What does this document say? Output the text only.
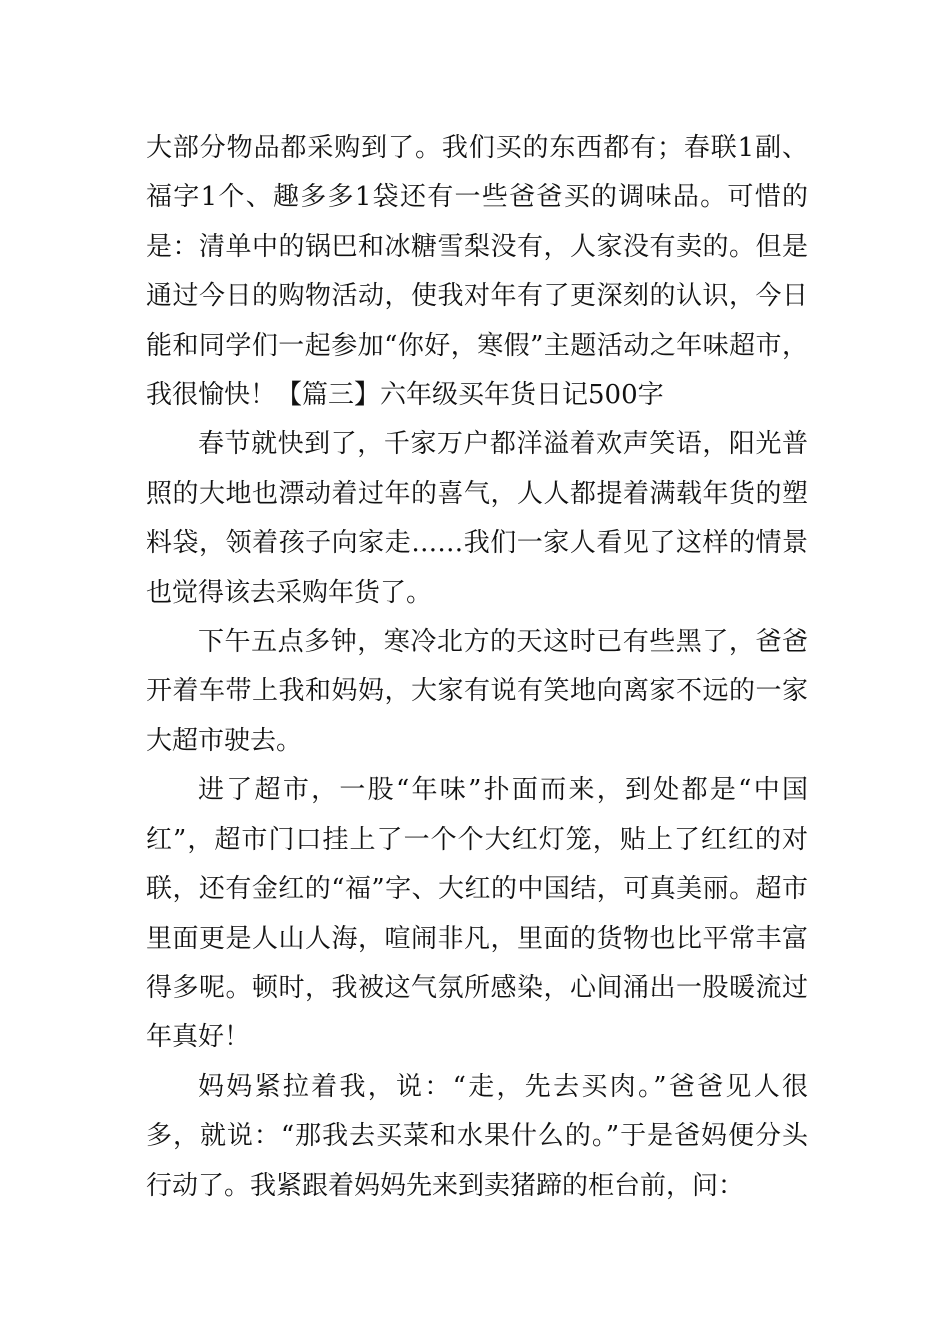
大部分物品都采购到了。我们买的东西都有；春联1副、福字1个、趣多多1袋还有一些爸爸买的调味品。可惜的是：清单中的锅巴和冰糖雪梨没有，人家没有卖的。但是通过今日的购物活动，使我对年有了更深刻的认识，今日能和同学们一起参加“你好，寒假”主题活动之年味超市，我很愉快！【篇三】六年级买年货日记500字

春节就快到了，千家万户都洋溢着欢声笑语，阳光普照的大地也漂动着过年的喜气，人人都提着满载年货的塑料袋，领着孩子向家走……我们一家人看见了这样的情景也觉得该去采购年货了。

下午五点多钟，寒冷北方的天这时已有些黑了，爸爸开着车带上我和妈妈，大家有说有笑地向离家不远的一家大超市驶去。

进了超市，一股“年味”扑面而来，到处都是“中国红”，超市门口挂上了一个个大红灯笼，贴上了红红的对联，还有金红的“福”字、大红的中国结，可真美丽。超市里面更是人山人海，喧闹非凡，里面的货物也比平常丰富得多呢。顿时，我被这气氛所感染，心间涌出一股暖流过年真好！

妈妈紧拉着我，说：“走，先去买肉。”爸爸见人很多，就说：“那我去买菜和水果什么的。”于是爸妈便分头行动了。我紧跟着妈妈先来到卖猪蹄的柜台前，问：
